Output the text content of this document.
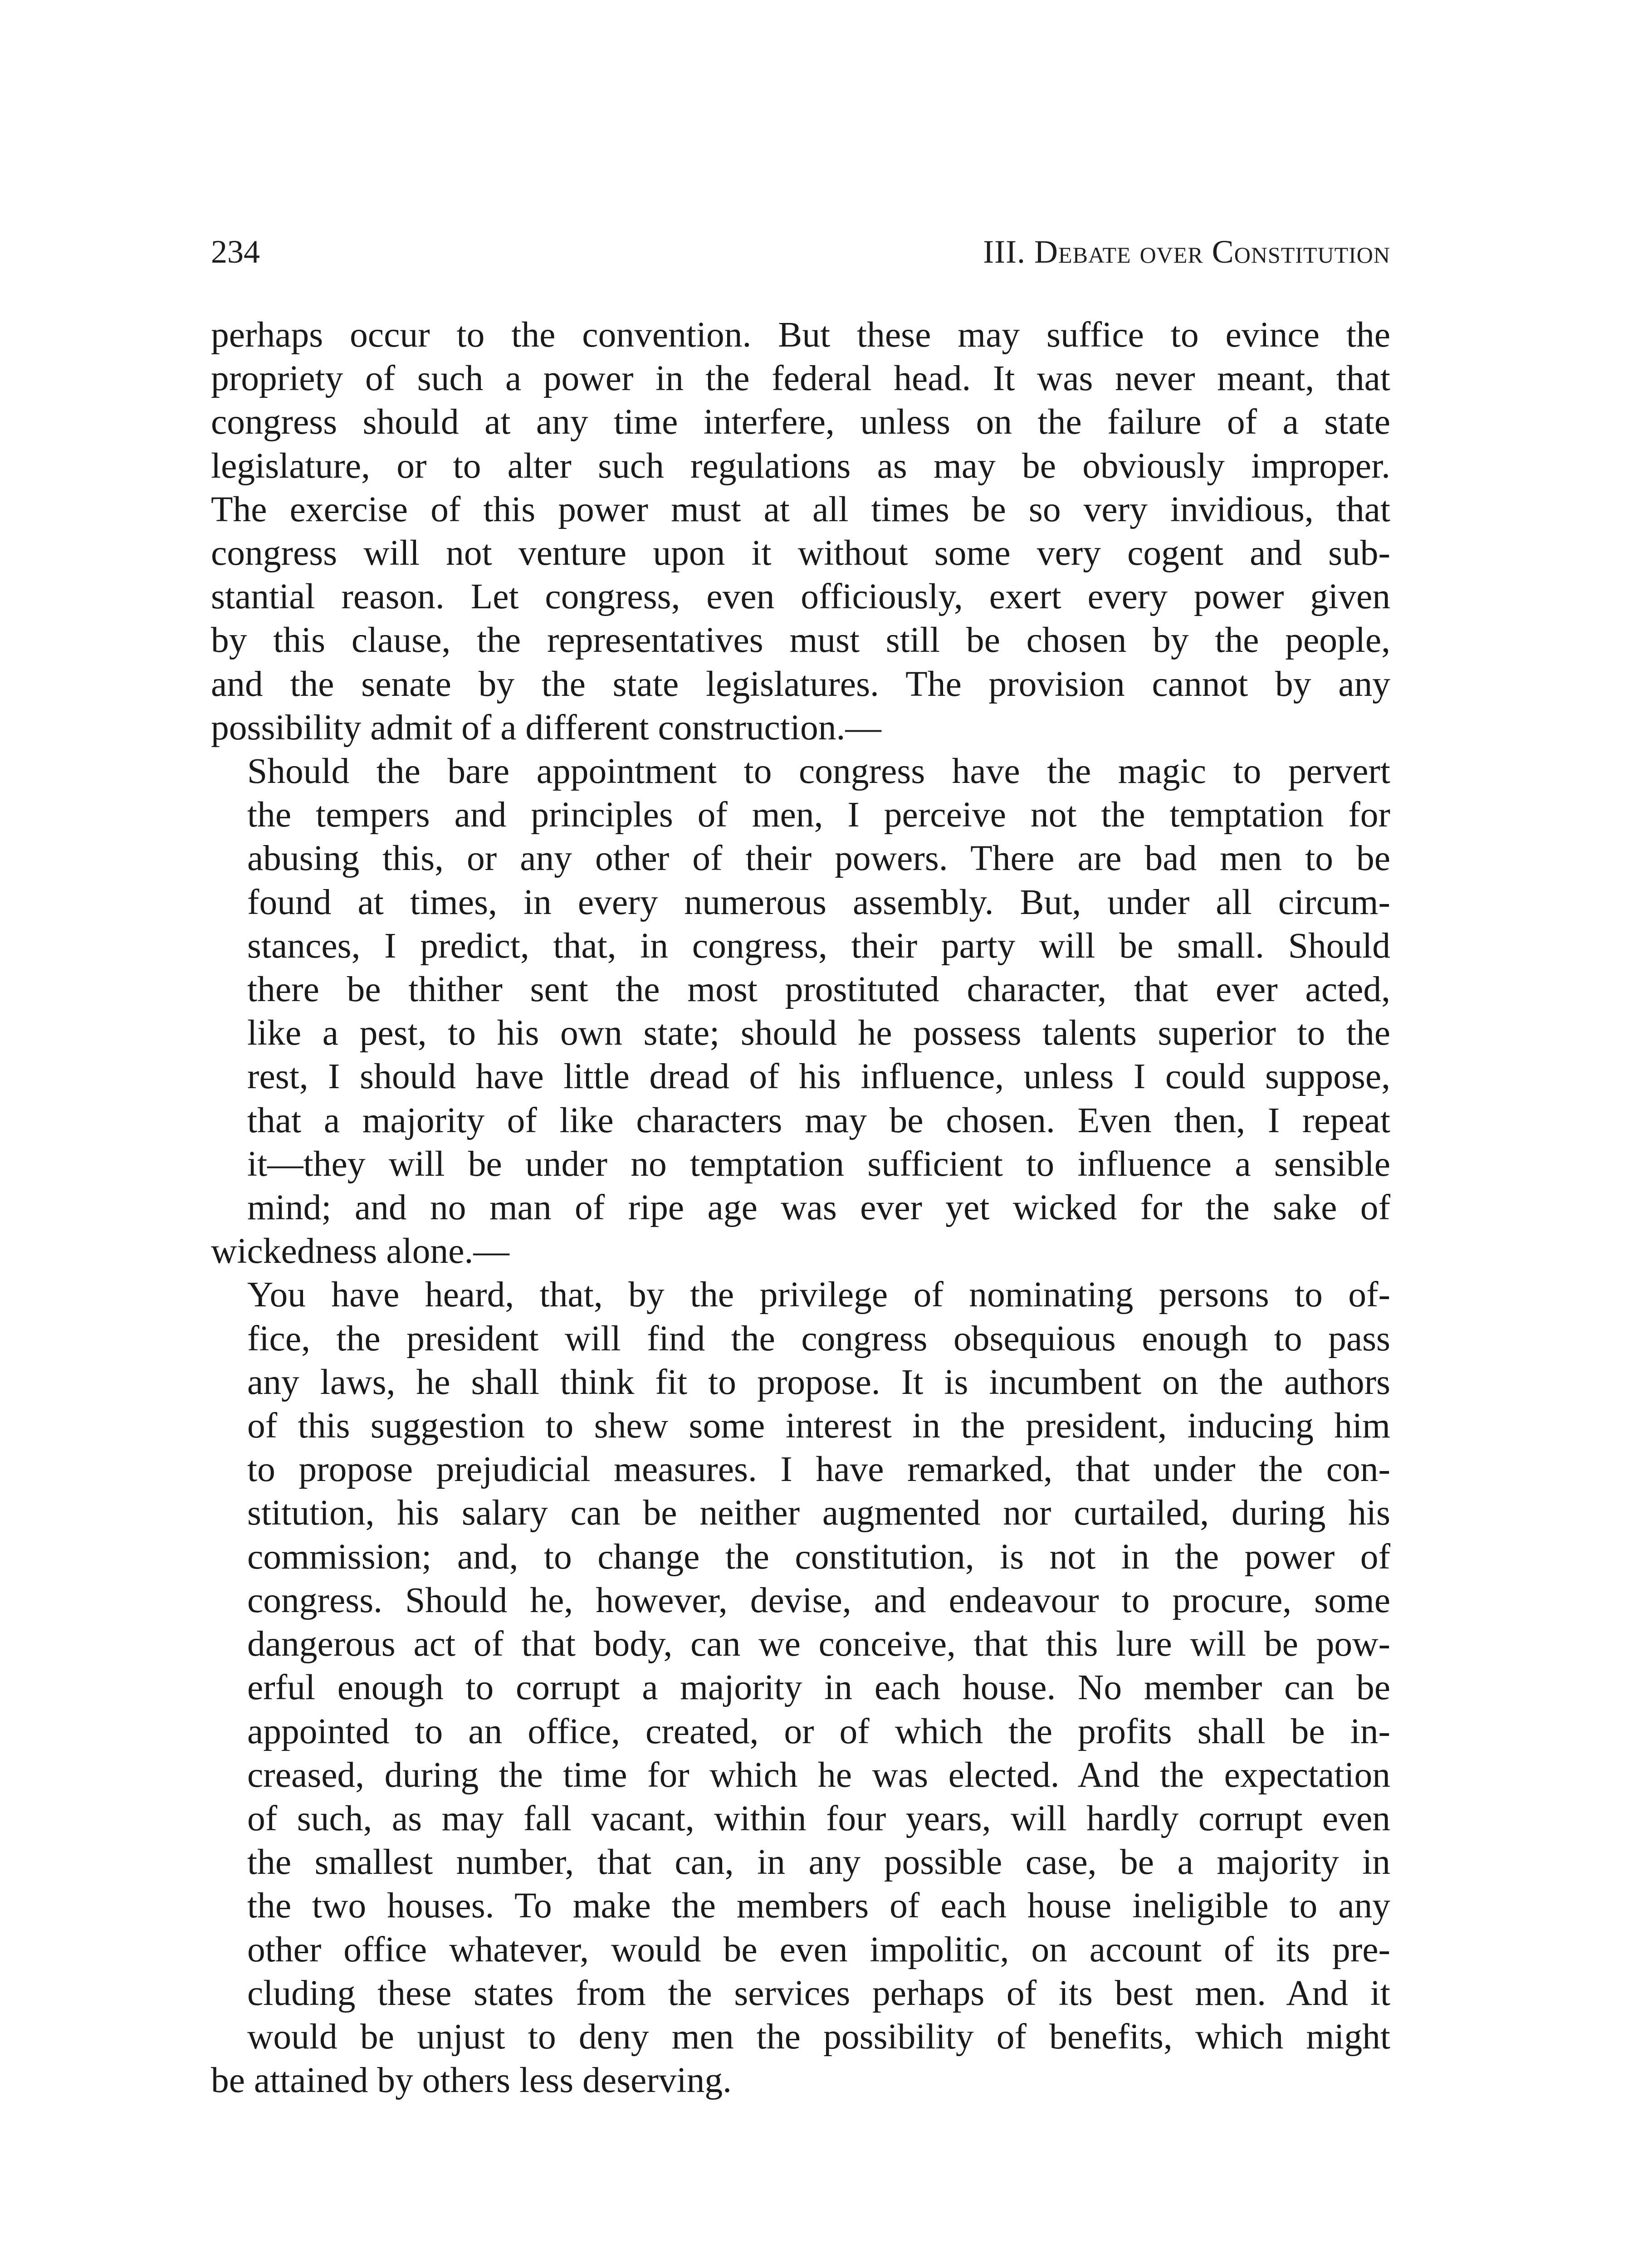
234	III. Debate over Constitution

perhaps occur to the convention. But these may suffice to evince the
propriety of such a power in the federal head. It was never meant, that
congress should at any time interfere, unless on the failure of a state
legislature, or to alter such regulations as may be obviously improper.
The exercise of this power must at all times be so very invidious, that
congress will not venture upon it without some very cogent and sub-
stantial reason. Let congress, even officiously, exert every power given
by this clause, the representatives must still be chosen by the people,
and the senate by the state legislatures. The provision cannot by any

possibility admit of a different construction.—

Should the bare appointment to congress have the magic to pervert
the tempers and principles of men, I perceive not the temptation for
abusing this, or any other of their powers. There are bad men to be
found at times, in every numerous assembly. But, under all circum-
stances, I predict, that, in congress, their party will be small. Should
there be thither sent the most prostituted character, that ever acted,
like a pest, to his own state; should he possess talents superior to the
rest, I should have little dread of his influence, unless I could suppose,
that a majority of like characters may be chosen. Even then, I repeat
it—they will be under no temptation sufficient to influence a sensible
mind; and no man of ripe age was ever yet wicked for the sake of

wickedness alone.—

You have heard, that, by the privilege of nominating persons to of-
fice, the president will find the congress obsequious enough to pass
any laws, he shall think fit to propose. It is incumbent on the authors
of this suggestion to shew some interest in the president, inducing him
to propose prejudicial measures. I have remarked, that under the con-
stitution, his salary can be neither augmented nor curtailed, during his
commission; and, to change the constitution, is not in the power of
congress. Should he, however, devise, and endeavour to procure, some
dangerous act of that body, can we conceive, that this lure will be pow-
erful enough to corrupt a majority in each house. No member can be
appointed to an office, created, or of which the profits shall be in-
creased, during the time for which he was elected. And the expectation
of such, as may fall vacant, within four years, will hardly corrupt even
the smallest number, that can, in any possible case, be a majority in
the two houses. To make the members of each house ineligible to any
other office whatever, would be even impolitic, on account of its pre-
cluding these states from the services perhaps of its best men. And it
would be unjust to deny men the possibility of benefits, which might

be attained by others less deserving.
